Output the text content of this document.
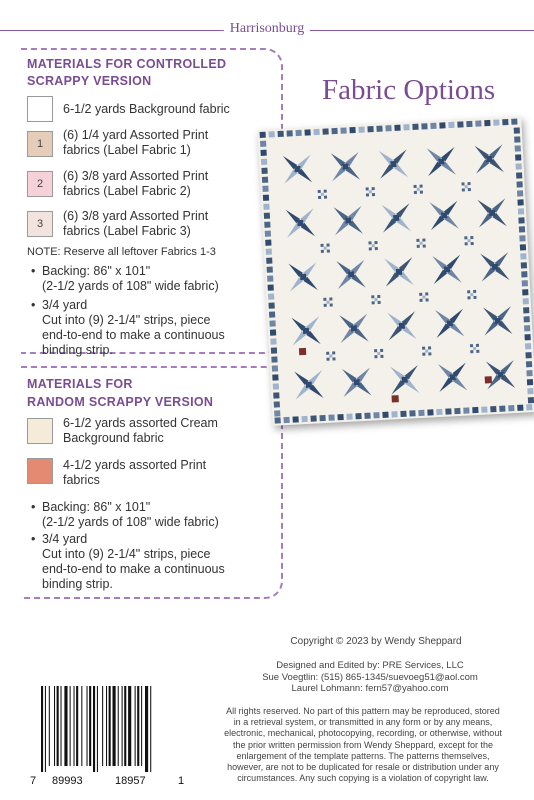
Harrisonburg
MATERIALS FOR CONTROLLED
SCRAPPY VERSION
6-1/2 yards Background fabric
1
(6) 1/4 yard Assorted Print
fabrics (Label Fabric 1)
2
(6) 3/8 yard Assorted Print
fabrics (Label Fabric 2)
3
(6) 3/8 yard Assorted Print
fabrics (Label Fabric 3)
NOTE: Reserve all leftover Fabrics 1-3
• Backing: 86" x 101"
(2-1/2 yards of 108" wide fabric)
• 3/4 yard
Cut into (9) 2-1/4" strips, piece
end-to-end to make a continuous
binding strip.
MATERIALS FOR
RANDOM SCRAPPY VERSION
6-1/2 yards assorted Cream
Background fabric
4-1/2 yards assorted Print
fabrics
• Backing: 86" x 101"
(2-1/2 yards of 108" wide fabric)
• 3/4 yard
Cut into (9) 2-1/4" strips, piece
end-to-end to make a continuous
binding strip.
Fabric Options
Copyright © 2023 by Wendy Sheppard
Designed and Edited by: PRE Services, LLC
Sue Voegtlin: (515) 865-1345/suevoeg51@aol.com
Laurel Lohmann: fern57@yahoo.com
All rights reserved. No part of this pattern may be reproduced, stored
in a retrieval system, or transmitted in any form or by any means,
electronic, mechanical, photocopying, recording, or otherwise, without
the prior written permission from Wendy Sheppard, except for the
enlargement of the template patterns. The patterns themselves,
however, are not to be duplicated for resale or distribution under any
circumstances. Any such copying is a violation of copyright law.
7 89993	18957	1
